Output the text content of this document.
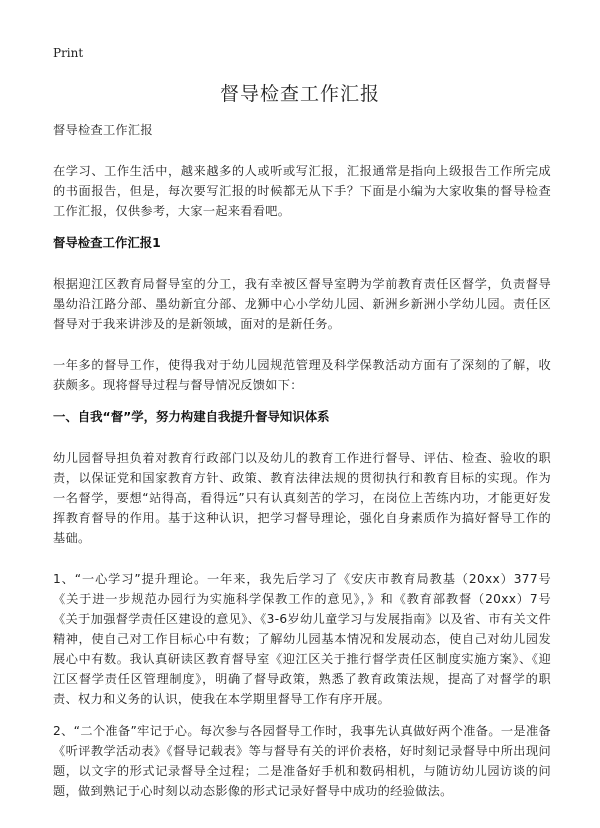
Print
督导检查工作汇报

督导检查工作汇报

在学习、工作生活中，越来越多的人或听或写汇报，汇报通常是指向上级报告工作所完成的书面报告，但是，每次要写汇报的时候都无从下手？下面是小编为大家收集的督导检查工作汇报，仅供参考，大家一起来看看吧。

督导检查工作汇报1

根据迎江区教育局督导室的分工，我有幸被区督导室聘为学前教育责任区督学，负责督导墨幼沿江路分部、墨幼新宜分部、龙狮中心小学幼儿园、新洲乡新洲小学幼儿园。责任区督导对于我来讲涉及的是新领域，面对的是新任务。

一年多的督导工作，使得我对于幼儿园规范管理及科学保教活动方面有了深刻的了解，收获颇多。现将督导过程与督导情况反馈如下：

一、自我“督”学，努力构建自我提升督导知识体系

幼儿园督导担负着对教育行政部门以及幼儿的教育工作进行督导、评估、检查、验收的职责，以保证党和国家教育方针、政策、教育法律法规的贯彻执行和教育目标的实现。作为一名督学，要想“站得高，看得远”只有认真刻苦的学习，在岗位上苦练内功，才能更好发挥教育督导的作用。基于这种认识，把学习督导理论，强化自身素质作为搞好督导工作的基础。

1、“一心学习”提升理论。一年来，我先后学习了《安庆市教育局教基（20xx）377号《关于进一步规范办园行为实施科学保教工作的意见》，》和《教育部教督（20xx）7号《关于加强督学责任区建设的意见》、《3-6岁幼儿童学习与发展指南》以及省、市有关文件精神，使自己对工作目标心中有数；了解幼儿园基本情况和发展动态，使自己对幼儿园发展心中有数。我认真研读区教育督导室《迎江区关于推行督学责任区制度实施方案》、《迎江区督学责任区管理制度》，明确了督导政策，熟悉了教育政策法规，提高了对督学的职责、权力和义务的认识，使我在本学期里督导工作有序开展。

2、“二个准备”牢记于心。每次参与各园督导工作时，我事先认真做好两个准备。一是准备《听评教学活动表》《督导记载表》等与督导有关的评价表格，好时刻记录督导中所出现问题，以文字的形式记录督导全过程；二是准备好手机和数码相机，与随访幼儿园访谈的问题，做到熟记于心时刻以动态影像的形式记录好督导中成功的经验做法。
